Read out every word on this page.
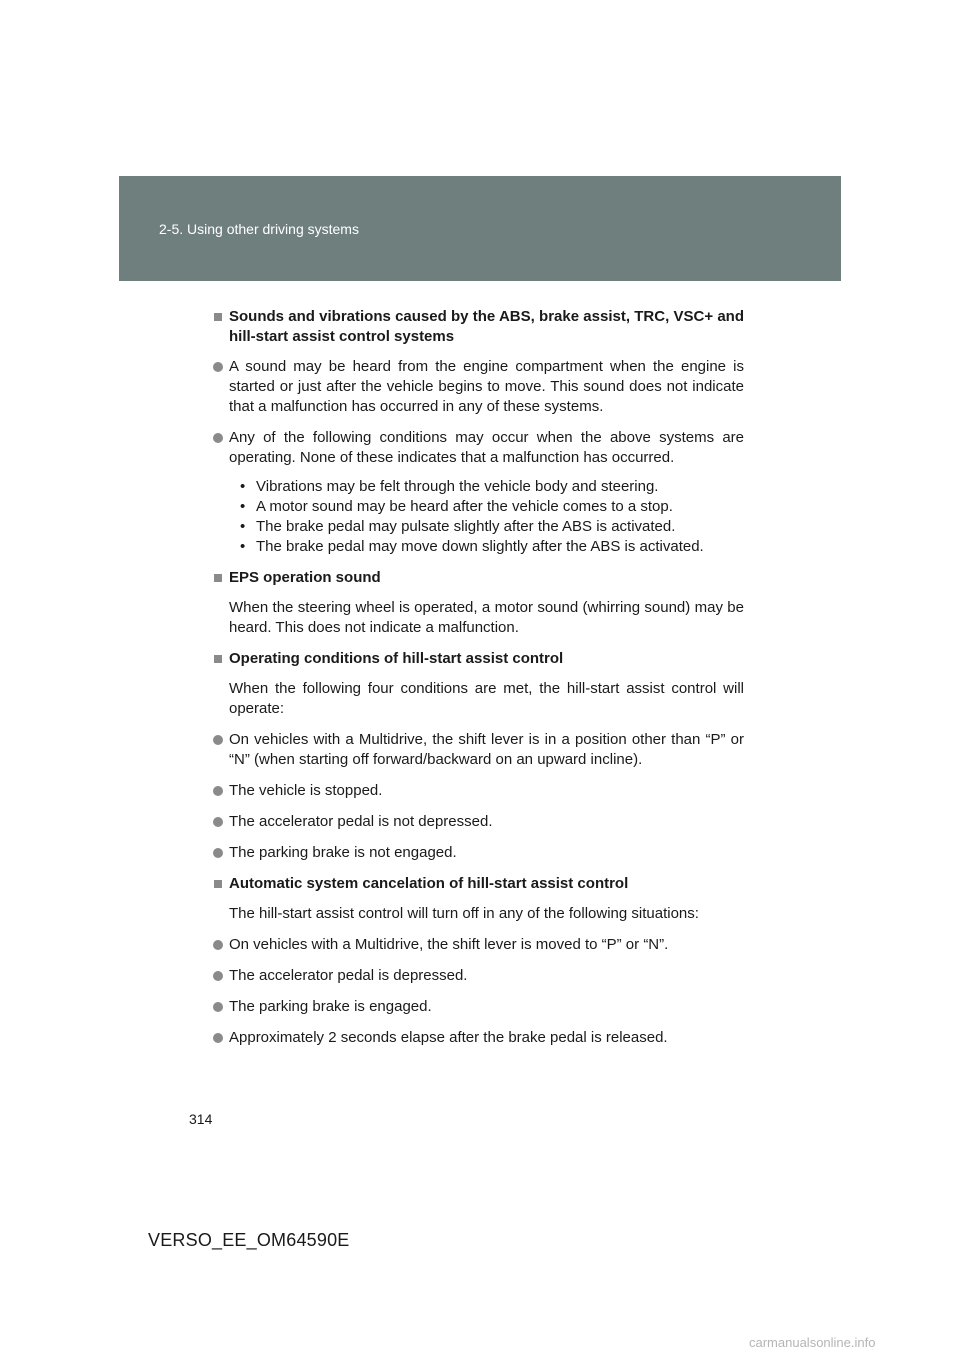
2-5. Using other driving systems
Sounds and vibrations caused by the ABS, brake assist, TRC, VSC+ and hill-start assist control systems
A sound may be heard from the engine compartment when the engine is started or just after the vehicle begins to move. This sound does not indicate that a malfunction has occurred in any of these systems.
Any of the following conditions may occur when the above systems are operating. None of these indicates that a malfunction has occurred.
• Vibrations may be felt through the vehicle body and steering.
• A motor sound may be heard after the vehicle comes to a stop.
• The brake pedal may pulsate slightly after the ABS is activated.
• The brake pedal may move down slightly after the ABS is activated.
EPS operation sound
When the steering wheel is operated, a motor sound (whirring sound) may be heard. This does not indicate a malfunction.
Operating conditions of hill-start assist control
When the following four conditions are met, the hill-start assist control will operate:
On vehicles with a Multidrive, the shift lever is in a position other than “P” or “N” (when starting off forward/backward on an upward incline).
The vehicle is stopped.
The accelerator pedal is not depressed.
The parking brake is not engaged.
Automatic system cancelation of hill-start assist control
The hill-start assist control will turn off in any of the following situations:
On vehicles with a Multidrive, the shift lever is moved to “P” or “N”.
The accelerator pedal is depressed.
The parking brake is engaged.
Approximately 2 seconds elapse after the brake pedal is released.
314
VERSO_EE_OM64590E
carmanualsonline.info
